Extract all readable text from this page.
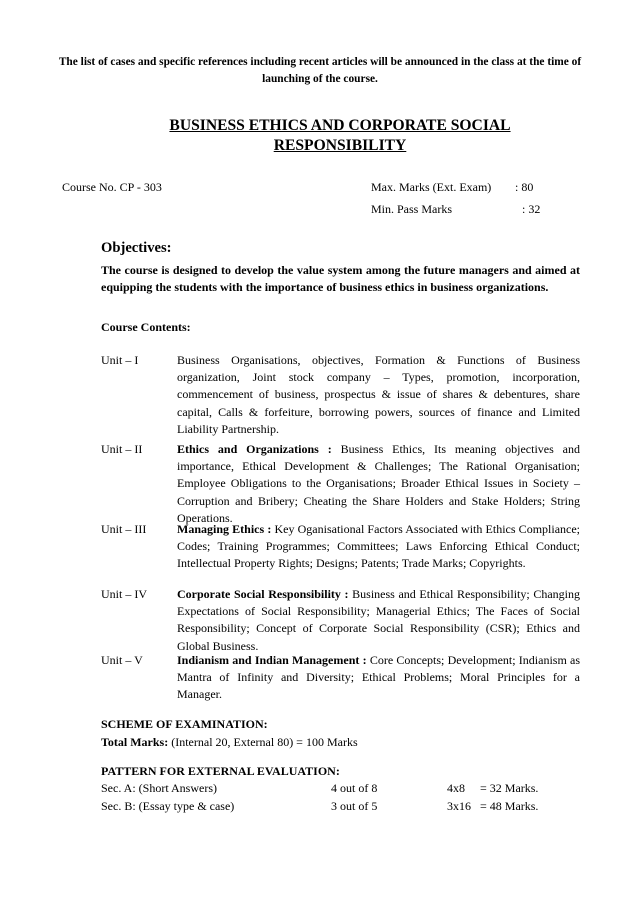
The list of cases and specific references including recent articles will be announced in the class at the time of launching of the course.
BUSINESS ETHICS AND CORPORATE SOCIAL
RESPONSIBILITY
Course No. CP - 303	Max. Marks (Ext. Exam) : 80
Min. Pass Marks	: 32
Objectives:
The course is designed to develop the value system among the future managers and aimed at equipping the students with the importance of business ethics in business organizations.
Course Contents:
Unit – I	Business Organisations, objectives, Formation & Functions of Business organization, Joint stock company – Types, promotion, incorporation, commencement of business, prospectus & issue of shares & debentures, share capital, Calls & forfeiture, borrowing powers, sources of finance and Limited Liability Partnership.
Unit – II	Ethics and Organizations : Business Ethics, Its meaning objectives and importance, Ethical Development & Challenges; The Rational Organisation; Employee Obligations to the Organisations; Broader Ethical Issues in Society – Corruption and Bribery; Cheating the Share Holders and Stake Holders; String Operations.
Unit – III	Managing Ethics : Key Oganisational Factors Associated with Ethics Compliance; Codes; Training Programmes; Committees; Laws Enforcing Ethical Conduct; Intellectual Property Rights; Designs; Patents; Trade Marks; Copyrights.
Unit – IV	Corporate Social Responsibility : Business and Ethical Responsibility; Changing Expectations of Social Responsibility; Managerial Ethics; The Faces of Social Responsibility; Concept of Corporate Social Responsibility (CSR); Ethics and Global Business.
Unit – V	Indianism and Indian Management : Core Concepts; Development; Indianism as Mantra of Infinity and Diversity; Ethical Problems; Moral Principles for a Manager.
SCHEME OF EXAMINATION:
Total Marks: (Internal 20, External 80) = 100 Marks
PATTERN FOR EXTERNAL EVALUATION:
Sec. A: (Short Answers)	4 out of 8	4x8 = 32 Marks.
Sec. B: (Essay type & case)	3 out of 5	3x16 = 48 Marks.
